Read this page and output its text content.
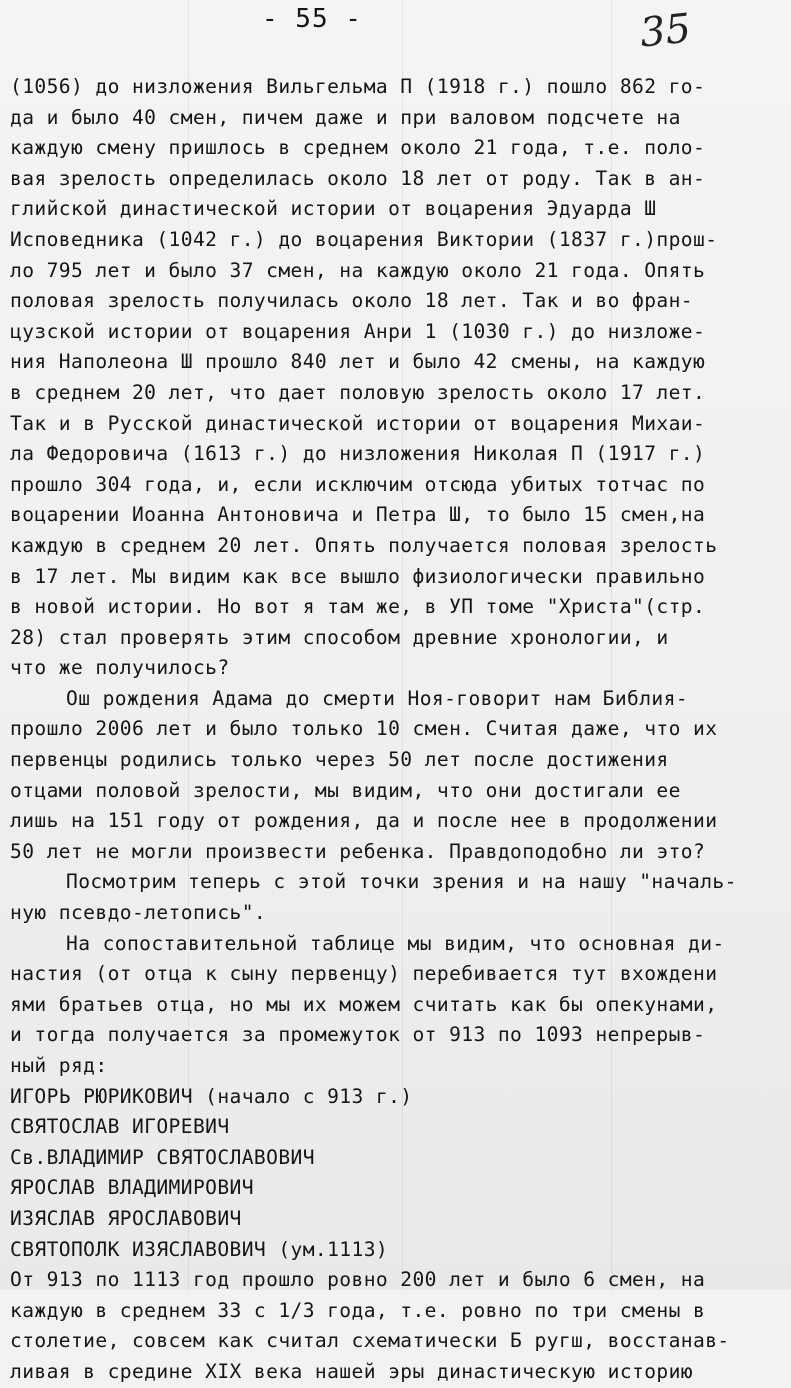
- 55 -	35
(1056) до низложения Вильгельма П (1918 г.) пошло 862 го-
да и было 40 смен, пичем даже и при валовом подсчете на
каждую смену пришлось в среднем около 21 года, т.е. поло-
вая зрелость определилась около 18 лет от роду. Так в ан-
глийской династической истории от воцарения Эдуарда Ш
Исповедника (1042 г.) до воцарения Виктории (1837 г.)прош-
ло 795 лет и было 37 смен, на каждую около 21 года. Опять
половая зрелость получилась около 18 лет. Так и во фран-
цузской истории от воцарения Анри 1 (1030 г.) до низложе-
ния Наполеона Ш прошло 840 лет и было 42 смены, на каждую
в среднем 20 лет, что дает половую зрелость около 17 лет.
Так и в Русской династической истории от воцарения Михаи-
ла Федоровича (1613 г.) до низложения Николая П (1917 г.)
прошло 304 года, и, если исключим отсюда убитых тотчас по
воцарении Иоанна Антоновича и Петра Ш, то было 15 смен,на
каждую в среднем 20 лет. Опять получается половая зрелость
в 17 лет. Мы видим как все вышло физиологически правильно
в новой истории. Но вот я там же, в УП томе "Христа"(стр.
28) стал проверять этим способом древние хронологии, и
что же получилось?
Ош рождения Адама до смерти Ноя-говорит нам Библия-
прошло 2006 лет и было только 10 смен. Считая даже, что их
первенцы родились только через 50 лет после достижения
отцами половой зрелости, мы видим, что они достигали ее
лишь на 151 году от рождения, да и после нее в продолжении
50 лет не могли произвести ребенка. Правдоподобно ли это?
Посмотрим теперь с этой точки зрения и на нашу "началь-
ную псевдо-летопись".
На сопоставительной таблице мы видим, что основная ди-
настия (от отца к сыну первенцу) перебивается тут вхождени
ями братьев отца, но мы их можем считать как бы опекунами,
и тогда получается за промежуток от 913 по 1093 непрерыв-
ный ряд:
ИГОРЬ РЮРИКОВИЧ (начало с 913 г.)
СВЯТОСЛАВ ИГОРЕВИЧ
Св.ВЛАДИМИР СВЯТОСЛАВОВИЧ
ЯРОСЛАВ ВЛАДИМИРОВИЧ
ИЗЯСЛАВ ЯРОСЛАВОВИЧ
СВЯТОПОЛК ИЗЯСЛАВОВИЧ (ум.1113)
От 913 по 1113 год прошло ровно 200 лет и было 6 смен, на
каждую в среднем 33 с 1/3 года, т.е. ровно по три смены в
столетие, совсем как считал схематически Б ругш, восстанав-
ливая в средине XIX века нашей эры династическую историю
